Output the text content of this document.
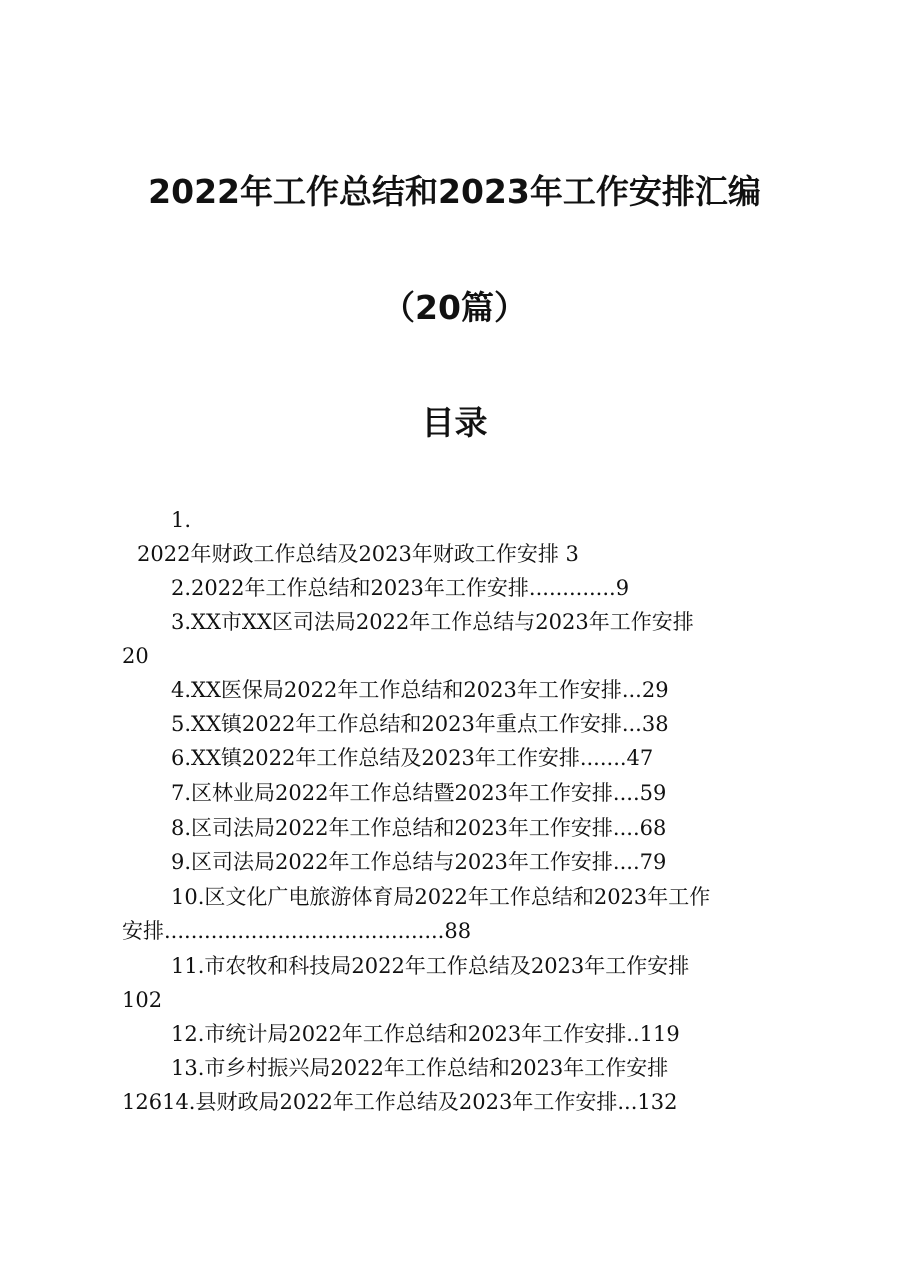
2022年工作总结和2023年工作安排汇编
（20篇）
目录
1.
2022年财政工作总结及2023年财政工作安排 3
2.2022年工作总结和2023年工作安排.............9
3.XX市XX区司法局2022年工作总结与2023年工作安排
20
4.XX医保局2022年工作总结和2023年工作安排...29
5.XX镇2022年工作总结和2023年重点工作安排...38
6.XX镇2022年工作总结及2023年工作安排.......47
7.区林业局2022年工作总结暨2023年工作安排....59
8.区司法局2022年工作总结和2023年工作安排....68
9.区司法局2022年工作总结与2023年工作安排....79
10.区文化广电旅游体育局2022年工作总结和2023年工作
安排..........................................88
11.市农牧和科技局2022年工作总结及2023年工作安排
102
12.市统计局2022年工作总结和2023年工作安排..119
13.市乡村振兴局2022年工作总结和2023年工作安排
12614.县财政局2022年工作总结及2023年工作安排...132
